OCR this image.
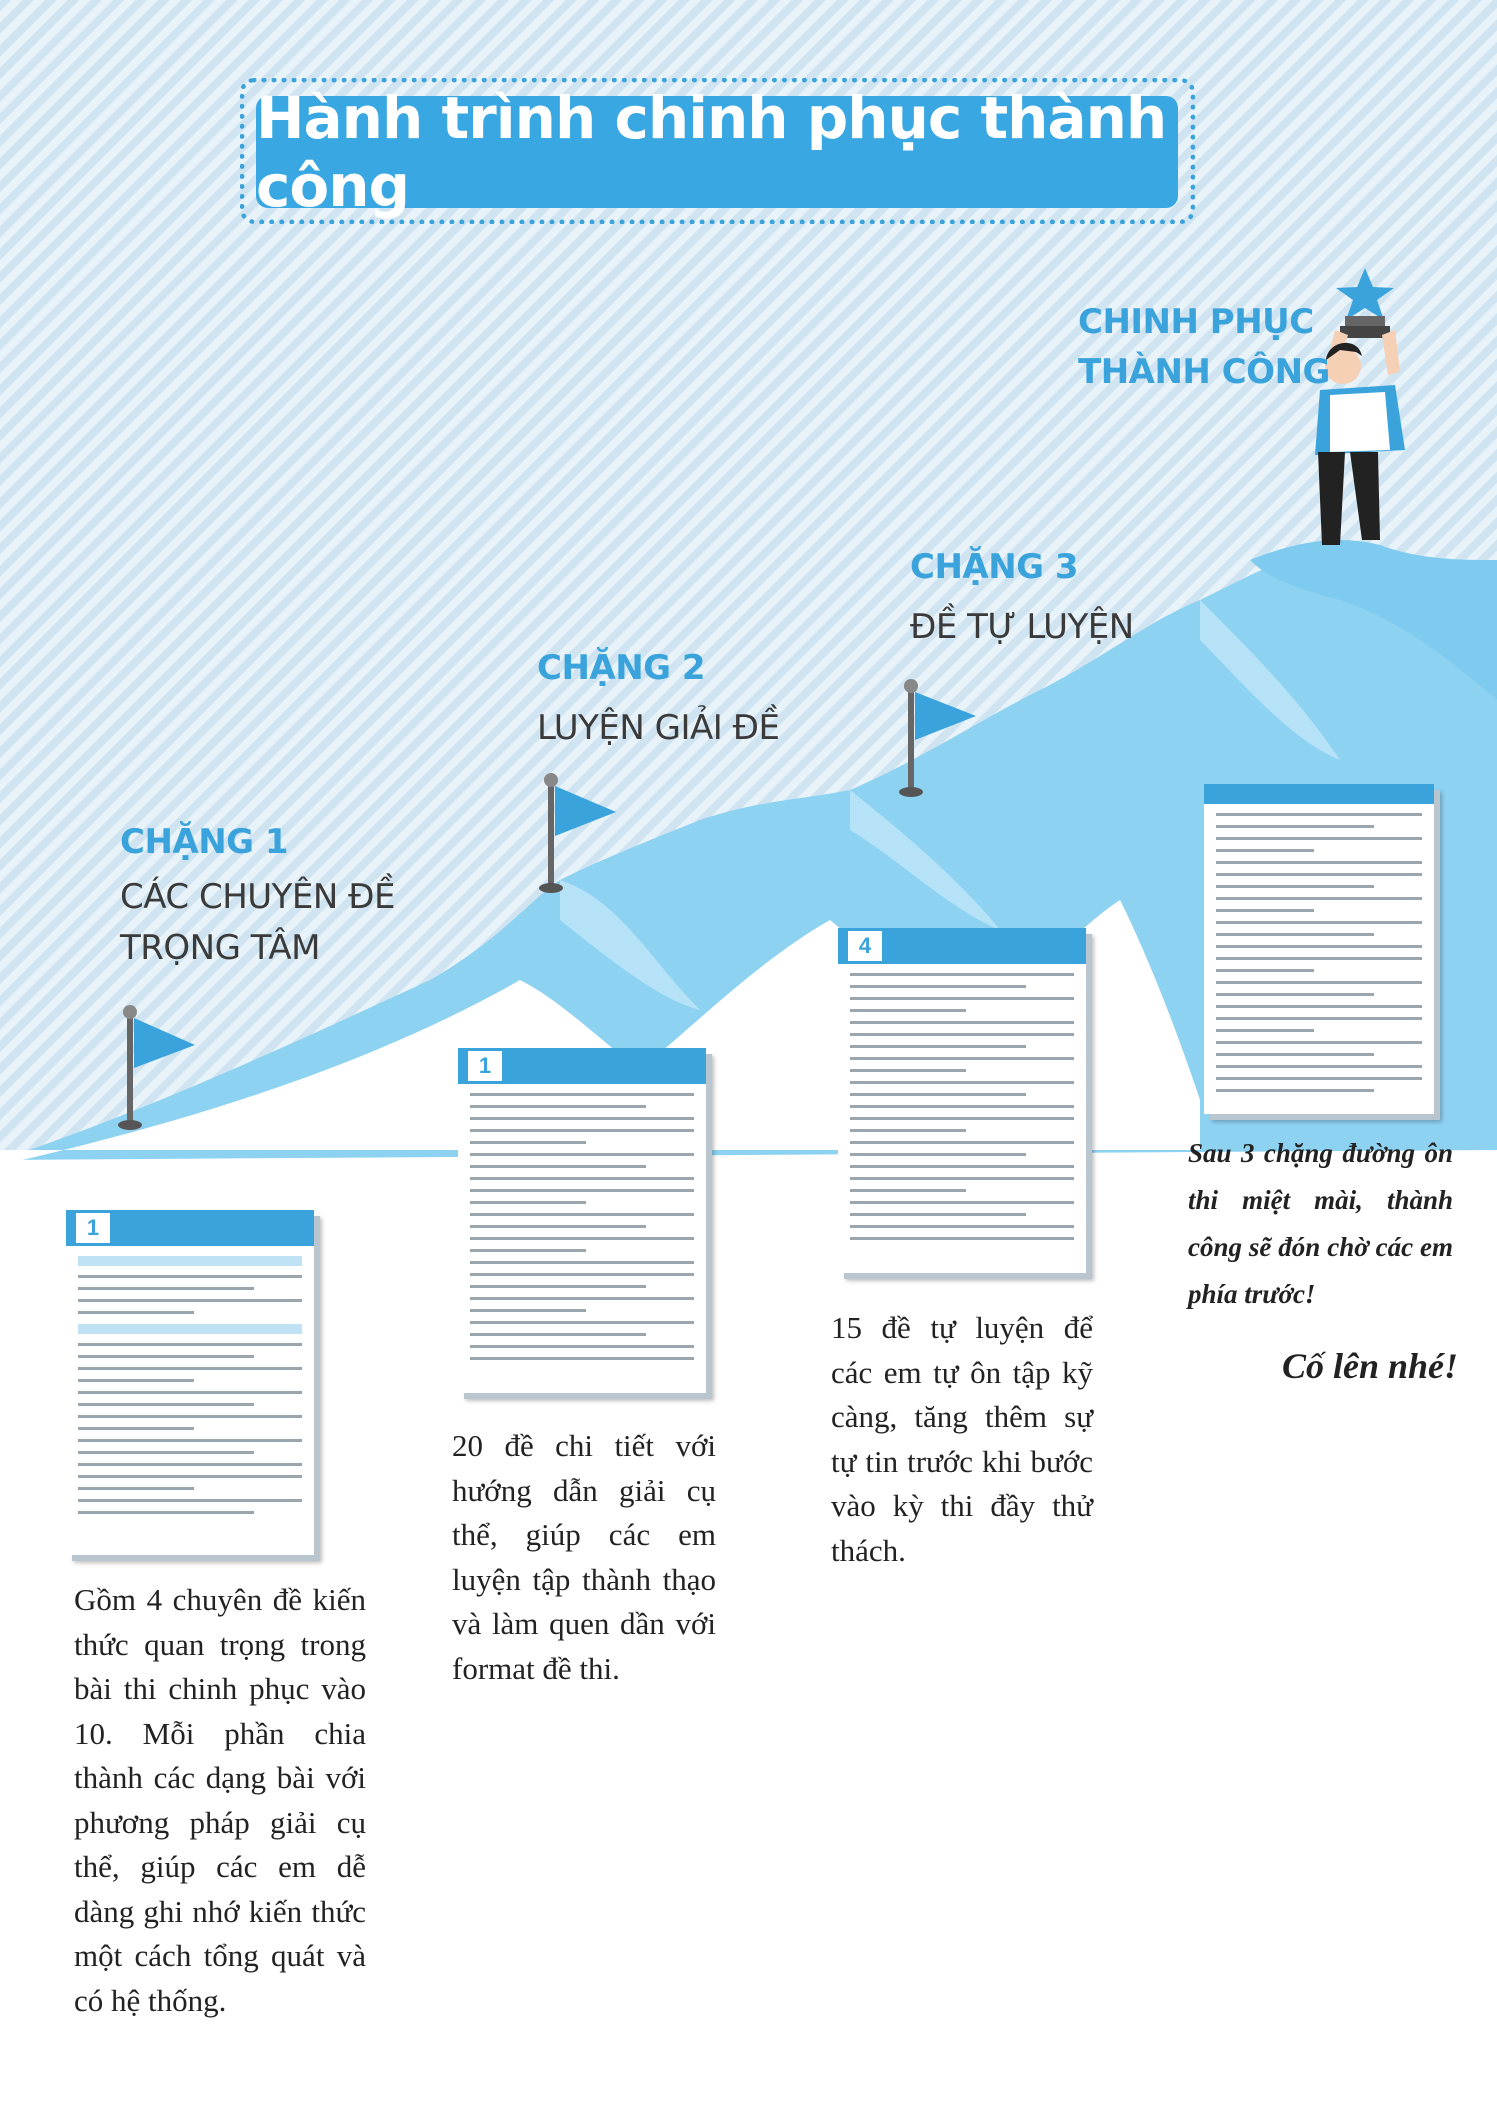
Hành trình chinh phục thành công
CHINH PHỤC
THÀNH CÔNG
CHẶNG 1
CÁC CHUYÊN ĐỀ
TRỌNG TÂM
CHẶNG 2
LUYỆN GIẢI ĐỀ
CHẶNG 3
ĐỀ TỰ LUYỆN
1
1
4
Gồm 4 chuyên đề kiến thức quan trọng trong bài thi chinh phục vào 10. Mỗi phần chia thành các dạng bài với phương pháp giải cụ thể, giúp các em dễ dàng ghi nhớ kiến thức một cách tổng quát và có hệ thống.
20 đề chi tiết với hướng dẫn giải cụ thể, giúp các em luyện tập thành thạo và làm quen dần với format đề thi.
15 đề tự luyện để các em tự ôn tập kỹ càng, tăng thêm sự tự tin trước khi bước vào kỳ thi đầy thử thách.
Sau 3 chặng đường ôn thi miệt mài, thành công sẽ đón chờ các em phía trước!
Cố lên nhé!
